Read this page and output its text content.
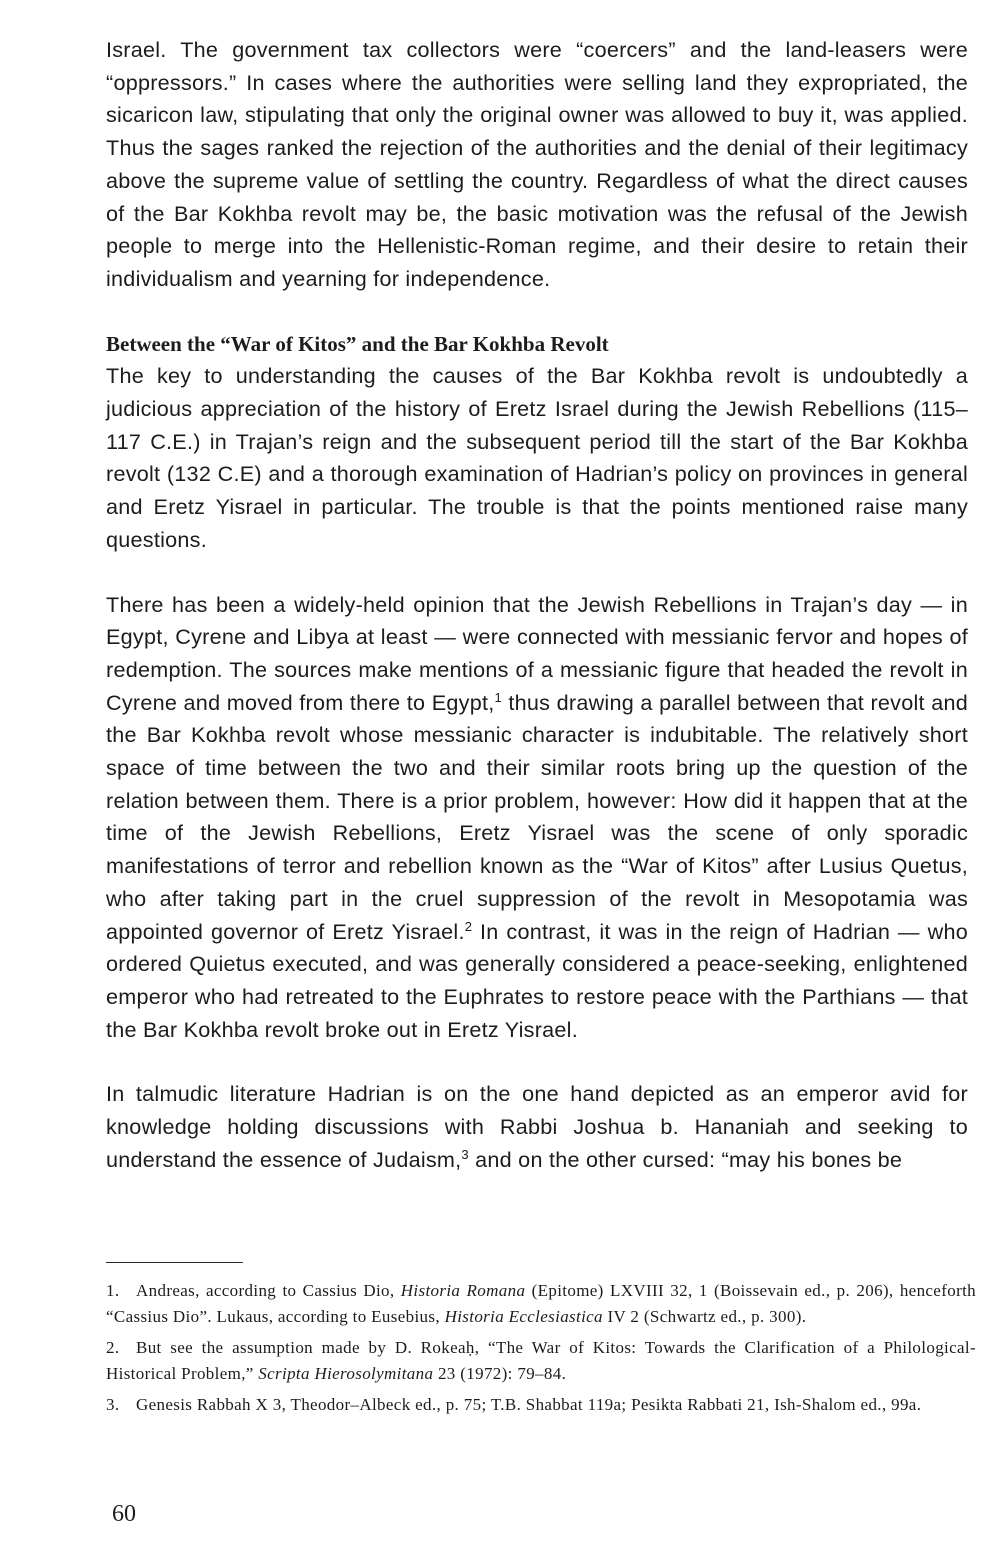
Israel. The government tax collectors were “coercers” and the land-leasers were “oppressors.” In cases where the authorities were selling land they expropriated, the sicaricon law, stipulating that only the original owner was allowed to buy it, was applied. Thus the sages ranked the rejection of the authorities and the denial of their legitimacy above the supreme value of settling the country. Regardless of what the direct causes of the Bar Kokhba revolt may be, the basic motivation was the refusal of the Jewish people to merge into the Hellenistic-Roman regime, and their desire to retain their individualism and yearning for independence.

Between the “War of Kitos” and the Bar Kokhba Revolt

The key to understanding the causes of the Bar Kokhba revolt is undoubtedly a judicious appreciation of the history of Eretz Israel during the Jewish Rebellions (115–117 C.E.) in Trajan’s reign and the subsequent period till the start of the Bar Kokhba revolt (132 C.E) and a thorough examination of Hadrian’s policy on provinces in general and Eretz Yisrael in particular. The trouble is that the points mentioned raise many questions.

There has been a widely-held opinion that the Jewish Rebellions in Trajan’s day — in Egypt, Cyrene and Libya at least — were connected with messianic fervor and hopes of redemption. The sources make mentions of a messianic figure that headed the revolt in Cyrene and moved from there to Egypt,$^1$ thus drawing a parallel between that revolt and the Bar Kokhba revolt whose messianic character is indubitable. The relatively short space of time between the two and their similar roots bring up the question of the relation between them. There is a prior problem, however: How did it happen that at the time of the Jewish Rebellions, Eretz Yisrael was the scene of only sporadic manifestations of terror and rebellion known as the “War of Kitos” after Lusius Quetus, who after taking part in the cruel suppression of the revolt in Mesopotamia was appointed governor of Eretz Yisrael.$^2$ In contrast, it was in the reign of Hadrian — who ordered Quietus executed, and was generally considered a peace-seeking, enlightened emperor who had retreated to the Euphrates to restore peace with the Parthians — that the Bar Kokhba revolt broke out in Eretz Yisrael.

In talmudic literature Hadrian is on the one hand depicted as an emperor avid for knowledge holding discussions with Rabbi Joshua b. Hananiah and seeking to understand the essence of Judaism,$^3$ and on the other cursed: “may his bones be

1. Andreas, according to Cassius Dio, Historia Romana (Epitome) LXVIII 32, 1 (Boissevain ed., p. 206), henceforth “Cassius Dio”. Lukaus, according to Eusebius, Historia Ecclesiastica IV 2 (Schwartz ed., p. 300).

2. But see the assumption made by D. Rokeaḥ, “The War of Kitos: Towards the Clarification of a Philological-Historical Problem,” Scripta Hierosolymitana 23 (1972): 79–84.

3. Genesis Rabbah X 3, Theodor–Albeck ed., p. 75; T.B. Shabbat 119a; Pesikta Rabbati 21, Ish-Shalom ed., 99a.

60
